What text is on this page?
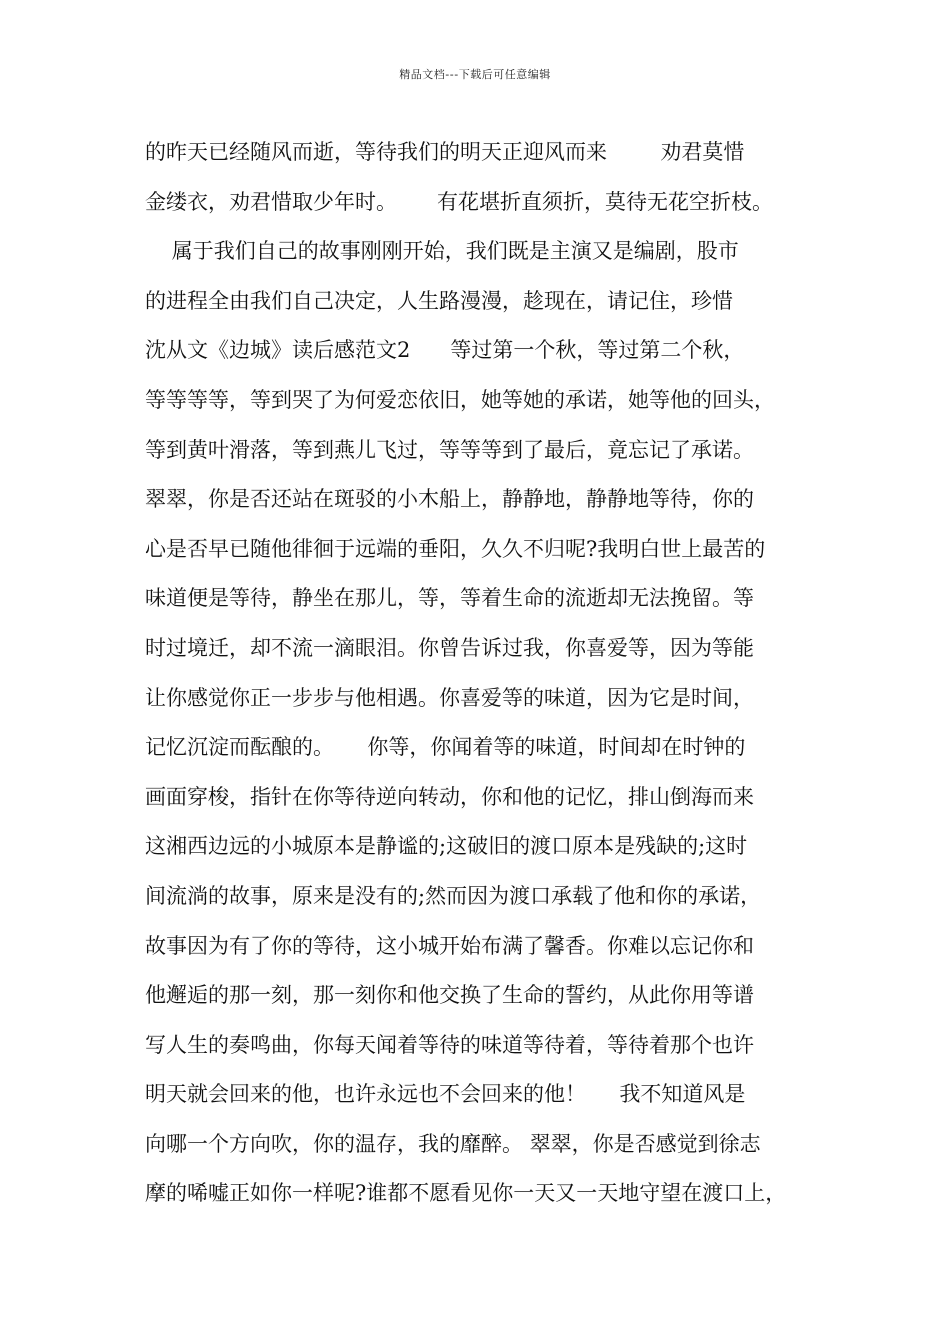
精品文档---下载后可任意编辑
的昨天已经随风而逝，等待我们的明天正迎风而来        劝君莫惜
金缕衣，劝君惜取少年时。      有花堪折直须折，莫待无花空折枝。
属于我们自己的故事刚刚开始，我们既是主演又是编剧，股市
的进程全由我们自己决定，人生路漫漫，趁现在，请记住，珍惜
沈从文《边城》读后感范文2      等过第一个秋，等过第二个秋，
等等等等，等到哭了为何爱恋依旧，她等她的承诺，她等他的回头，
等到黄叶滑落，等到燕儿飞过，等等等到了最后，竟忘记了承诺。
翠翠，你是否还站在斑驳的小木船上，静静地，静静地等待，你的
心是否早已随他徘徊于远端的垂阳，久久不归呢?我明白世上最苦的
味道便是等待，静坐在那儿，等，等着生命的流逝却无法挽留。等
时过境迁，却不流一滴眼泪。你曾告诉过我，你喜爱等，因为等能
让你感觉你正一步步与他相遇。你喜爱等的味道，因为它是时间，
记忆沉淀而酝酿的。     你等，你闻着等的味道，时间却在时钟的
画面穿梭，指针在你等待逆向转动，你和他的记忆，排山倒海而来
这湘西边远的小城原本是静谧的;这破旧的渡口原本是残缺的;这时
间流淌的故事，原来是没有的;然而因为渡口承载了他和你的承诺，
故事因为有了你的等待，这小城开始布满了馨香。你难以忘记你和
他邂逅的那一刻，那一刻你和他交换了生命的誓约，从此你用等谱
写人生的奏鸣曲，你每天闻着等待的味道等待着，等待着那个也许
明天就会回来的他，也许永远也不会回来的他！     我不知道风是
向哪一个方向吹，你的温存，我的靡醉。 翠翠，你是否感觉到徐志
摩的唏嘘正如你一样呢?谁都不愿看见你一天又一天地守望在渡口上，
